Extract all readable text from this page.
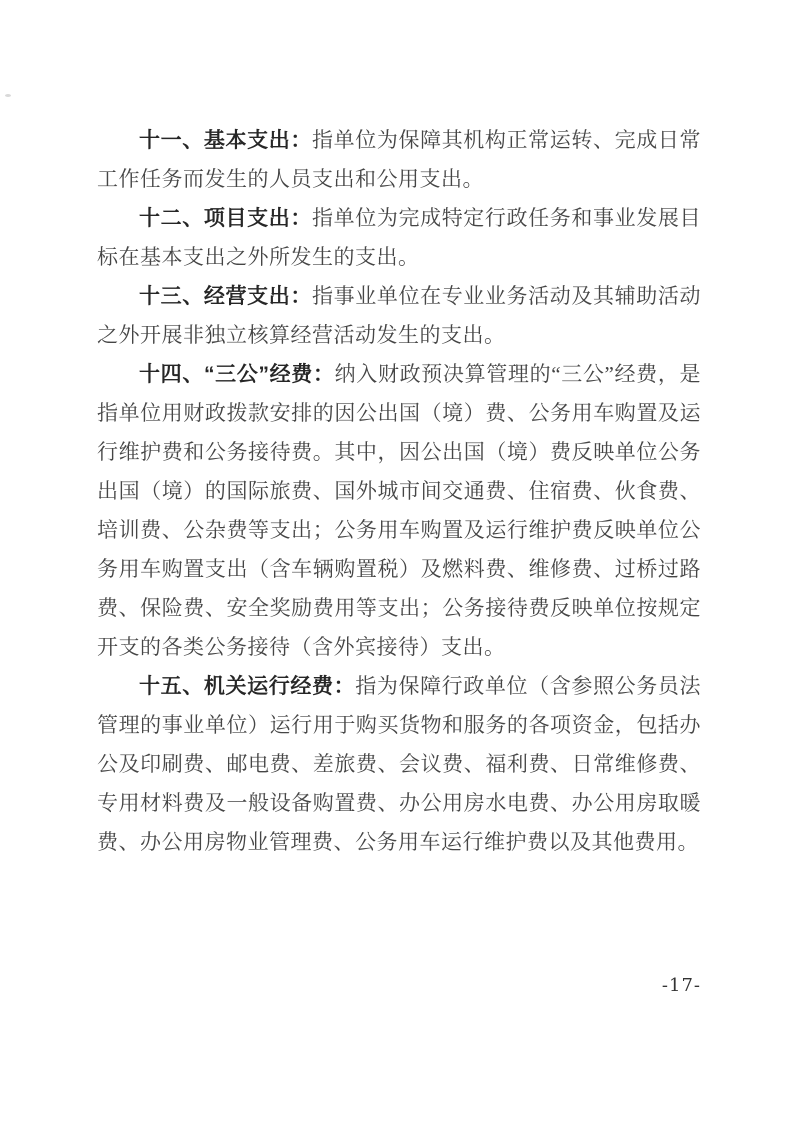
十一、基本支出：指单位为保障其机构正常运转、完成日常工作任务而发生的人员支出和公用支出。

十二、项目支出：指单位为完成特定行政任务和事业发展目标在基本支出之外所发生的支出。

十三、经营支出：指事业单位在专业业务活动及其辅助活动之外开展非独立核算经营活动发生的支出。

十四、“三公”经费：纳入财政预决算管理的“三公”经费，是指单位用财政拨款安排的因公出国（境）费、公务用车购置及运行维护费和公务接待费。其中，因公出国（境）费反映单位公务出国（境）的国际旅费、国外城市间交通费、住宿费、伙食费、培训费、公杂费等支出；公务用车购置及运行维护费反映单位公务用车购置支出（含车辆购置税）及燃料费、维修费、过桥过路费、保险费、安全奖励费用等支出；公务接待费反映单位按规定开支的各类公务接待（含外宾接待）支出。

十五、机关运行经费：指为保障行政单位（含参照公务员法管理的事业单位）运行用于购买货物和服务的各项资金，包括办公及印刷费、邮电费、差旅费、会议费、福利费、日常维修费、专用材料费及一般设备购置费、办公用房水电费、办公用房取暖费、办公用房物业管理费、公务用车运行维护费以及其他费用。

-17-
